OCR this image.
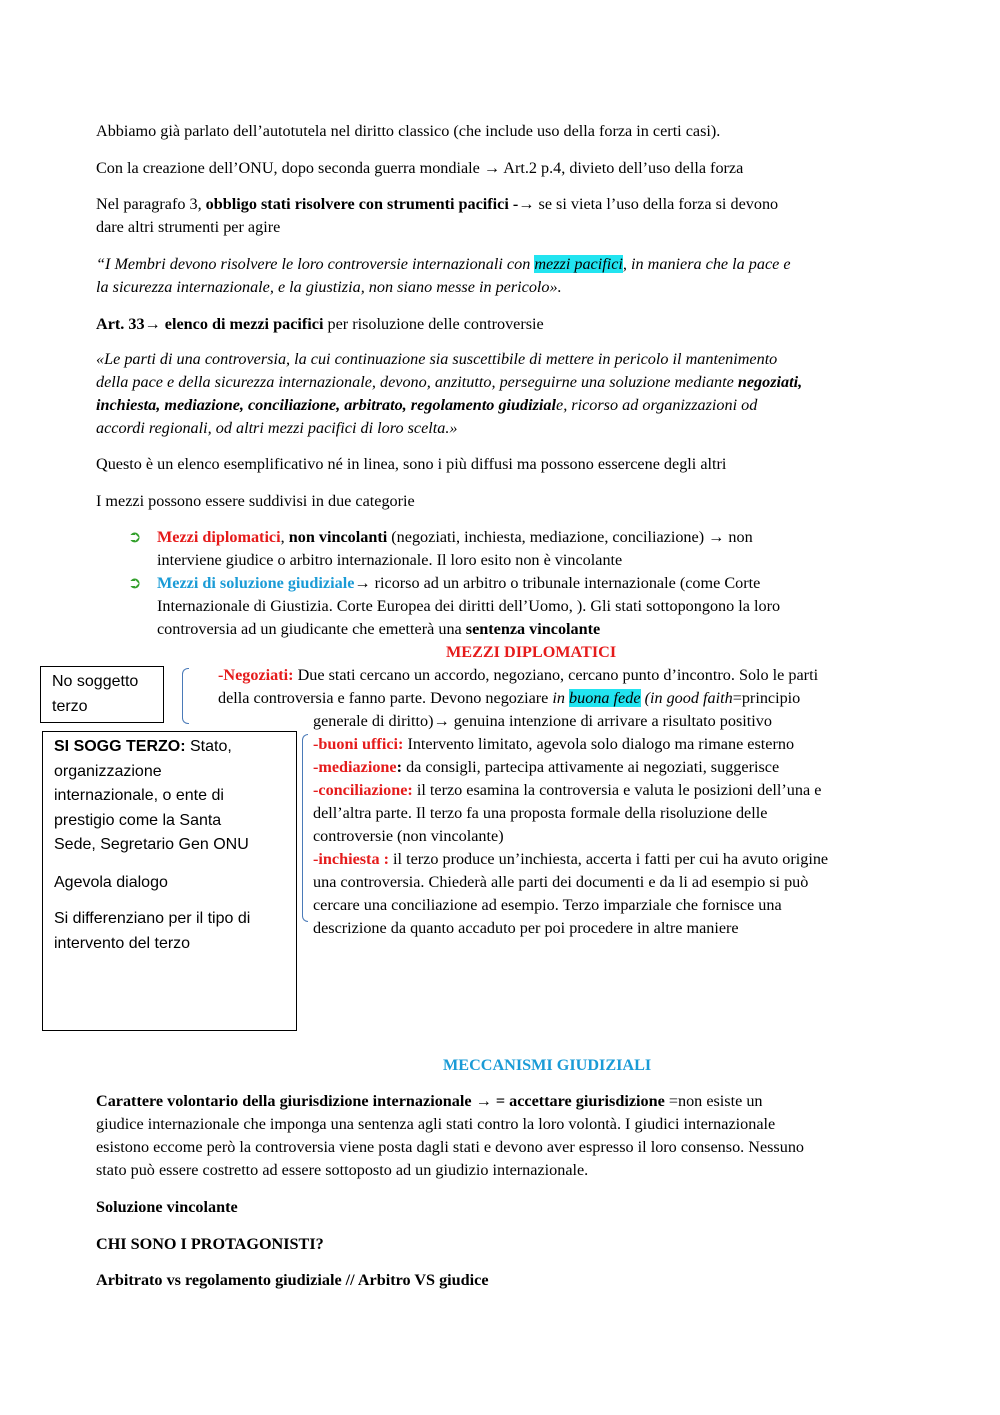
Abbiamo già parlato dell’autotutela nel diritto classico (che include uso della forza in certi casi).
Con la creazione dell’ONU, dopo seconda guerra mondiale → Art.2 p.4, divieto dell’uso della forza
Nel paragrafo 3, obbligo stati risolvere con strumenti pacifici -→ se si vieta l’uso della forza si devono
dare altri strumenti per agire
“I Membri devono risolvere le loro controversie internazionali con mezzi pacifici, in maniera che la pace e
la sicurezza internazionale, e la giustizia, non siano messe in pericolo».
Art. 33→ elenco di mezzi pacifici per risoluzione delle controversie
«Le parti di una controversia, la cui continuazione sia suscettibile di mettere in pericolo il mantenimento
della pace e della sicurezza internazionale, devono, anzitutto, perseguirne una soluzione mediante negoziati,
inchiesta, mediazione, conciliazione, arbitrato, regolamento giudiziale, ricorso ad organizzazioni od
accordi regionali, od altri mezzi pacifici di loro scelta.»
Questo è un elenco esemplificativo né in linea, sono i più diffusi ma possono essercene degli altri
I mezzi possono essere suddivisi in due categorie
➲ Mezzi diplomatici, non vincolanti (negoziati, inchiesta, mediazione, conciliazione) → non
interviene giudice o arbitro internazionale. Il loro esito non è vincolante
➲ Mezzi di soluzione giudiziale→ ricorso ad un arbitro o tribunale internazionale (come Corte
Internazionale di Giustizia. Corte Europea dei diritti dell’Uomo, ). Gli stati sottopongono la loro
controversia ad un giudicante che emetterà una sentenza vincolante
MEZZI DIPLOMATICI
No soggetto
terzo
SI SOGG TERZO: Stato,
organizzazione
internazionale, o ente di
prestigio come la Santa
Sede, Segretario Gen ONU
Agevola dialogo
Si differenziano per il tipo di
intervento del terzo
-Negoziati: Due stati cercano un accordo, negoziano, cercano punto d’incontro. Solo le parti
della controversia e fanno parte. Devono negoziare in buona fede (in good faith=principio
generale di diritto)→ genuina intenzione di arrivare a risultato positivo
-buoni uffici: Intervento limitato, agevola solo dialogo ma rimane esterno
-mediazione: da consigli, partecipa attivamente ai negoziati, suggerisce
-conciliazione: il terzo esamina la controversia e valuta le posizioni dell’una e
dell’altra parte. Il terzo fa una proposta formale della risoluzione delle
controversie (non vincolante)
-inchiesta : il terzo produce un’inchiesta, accerta i fatti per cui ha avuto origine
una controversia. Chiederà alle parti dei documenti e da li ad esempio si può
cercare una conciliazione ad esempio. Terzo imparziale che fornisce una
descrizione da quanto accaduto per poi procedere in altre maniere
MECCANISMI GIUDIZIALI
Carattere volontario della giurisdizione internazionale → = accettare giurisdizione =non esiste un
giudice internazionale che imponga una sentenza agli stati contro la loro volontà. I giudici internazionale
esistono eccome però la controversia viene posta dagli stati e devono aver espresso il loro consenso. Nessuno
stato può essere costretto ad essere sottoposto ad un giudizio internazionale.
Soluzione vincolante
CHI SONO I PROTAGONISTI?
Arbitrato vs regolamento giudiziale // Arbitro VS giudice
